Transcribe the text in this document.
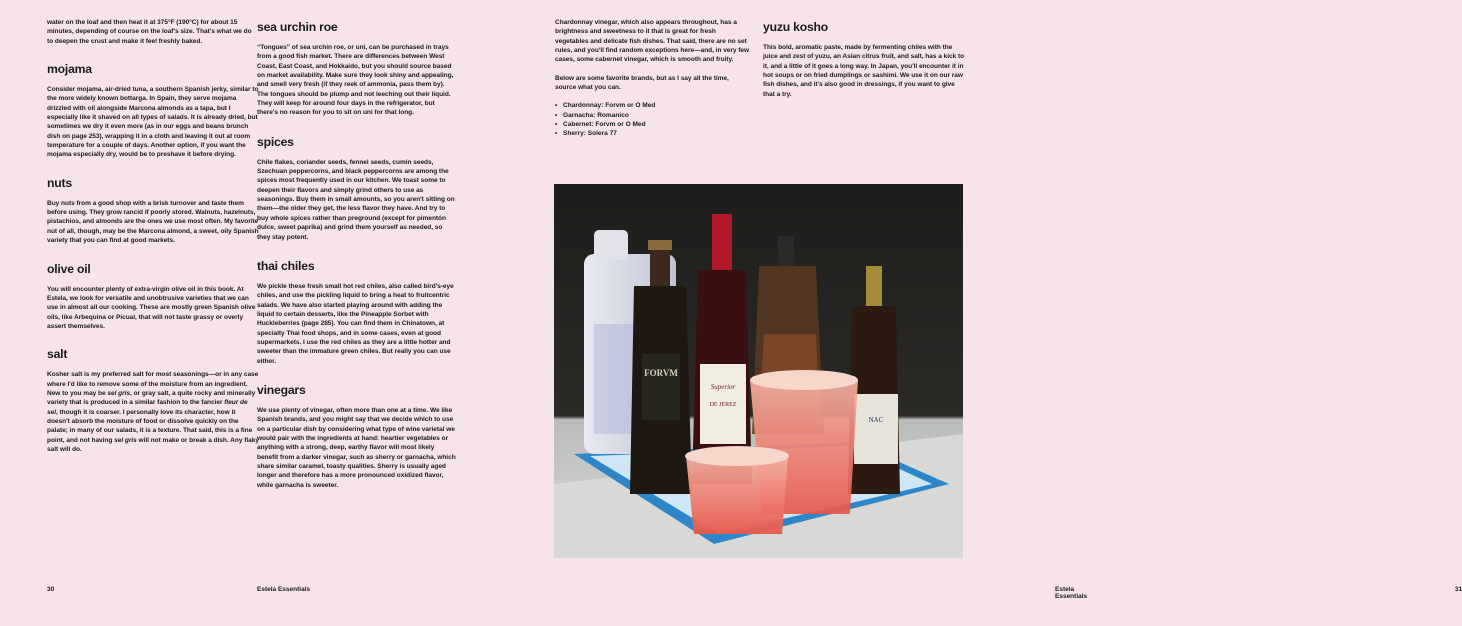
water on the loaf and then heat it at 375°F (190°C) for about 15 minutes, depending of course on the loaf's size. That's what we do to deepen the crust and make it feel freshly baked.

mojama

Consider mojama, air-dried tuna, a southern Spanish jerky, similar to the more widely known bottarga. In Spain, they serve mojama drizzled with oil alongside Marcona almonds as a tapa, but I especially like it shaved on all types of salads. It is already dried, but sometimes we dry it even more (as in our eggs and beans brunch dish on page 253), wrapping it in a cloth and leaving it out at room temperature for a couple of days. Another option, if you want the mojama especially dry, would be to preshave it before drying.

nuts

Buy nuts from a good shop with a brisk turnover and taste them before using. They grow rancid if poorly stored. Walnuts, hazelnuts, pistachios, and almonds are the ones we use most often. My favorite nut of all, though, may be the Marcona almond, a sweet, oily Spanish variety that you can find at good markets.

olive oil

You will encounter plenty of extra-virgin olive oil in this book. At Estela, we look for versatile and unobtrusive varieties that we can use in almost all our cooking. These are mostly green Spanish olive oils, like Arbequina or Picual, that will not taste grassy or overly assert themselves.

salt

Kosher salt is my preferred salt for most seasonings—or in any case where I'd like to remove some of the moisture from an ingredient. New to you may be sel gris, or gray salt, a quite rocky and minerally variety that is produced in a similar fashion to the fancier fleur de sel, though it is coarser. I personally love its character, how it doesn't absorb the moisture of food or dissolve quickly on the palate; in many of our salads, it is a texture. That said, this is a fine point, and not having sel gris will not make or break a dish. Any flaky salt will do.

sea urchin roe

“Tongues” of sea urchin roe, or uni, can be purchased in trays from a good fish market. There are differences between West Coast, East Coast, and Hokkaido, but you should source based on market availability. Make sure they look shiny and appealing, and smell very fresh (if they reek of ammonia, pass them by). The tongues should be plump and not leeching out their liquid. They will keep for around four days in the refrigerator, but there's no reason for you to sit on uni for that long.

spices

Chile flakes, coriander seeds, fennel seeds, cumin seeds, Szechuan peppercorns, and black peppercorns are among the spices most frequently used in our kitchen. We toast some to deepen their flavors and simply grind others to use as seasonings. Buy them in small amounts, so you aren't sitting on them—the older they get, the less flavor they have. And try to buy whole spices rather than preground (except for pimentón dulce, sweet paprika) and grind them yourself as needed, so they stay potent.

thai chiles

We pickle these fresh small hot red chiles, also called bird's-eye chiles, and use the pickling liquid to bring a heat to fruitcentric salads. We have also started playing around with adding the liquid to certain desserts, like the Pineapple Sorbet with Huckleberries (page 285). You can find them in Chinatown, at specialty Thai food shops, and in some cases, even at good supermarkets. I use the red chiles as they are a little hotter and sweeter than the immature green chiles. But really you can use either.

vinegars

We use plenty of vinegar, often more than one at a time. We like Spanish brands, and you might say that we decide which to use on a particular dish by considering what type of wine varietal we would pair with the ingredients at hand: heartier vegetables or anything with a strong, deep, earthy flavor will most likely benefit from a darker vinegar, such as sherry or garnacha, which share similar caramel, toasty qualities. Sherry is usually aged longer and therefore has a more pronounced oxidized flavor, while garnacha is sweeter.

30	Estela Essentials

Chardonnay vinegar, which also appears throughout, has a brightness and sweetness to it that is great for fresh vegetables and delicate fish dishes. That said, there are no set rules, and you'll find random exceptions here—and, in very few cases, some cabernet vinegar, which is smooth and fruity.

Below are some favorite brands, but as I say all the time, source what you can.

• Chardonnay: Forvm or O Med
• Garnacha: Romanico
• Cabernet: Forvm or O Med
• Sherry: Solera 77
yuzu kosho

This bold, aromatic paste, made by fermenting chiles with the juice and zest of yuzu, an Asian citrus fruit, and salt, has a kick to it, and a little of it goes a long way. In Japan, you'll encounter it in hot soups or on fried dumplings or sashimi. We use it on our raw fish dishes, and it's also good in dressings, if you want to give that a try.

Estela Essentials
31
FORVM
Superior
DE JEREZ
NAC
